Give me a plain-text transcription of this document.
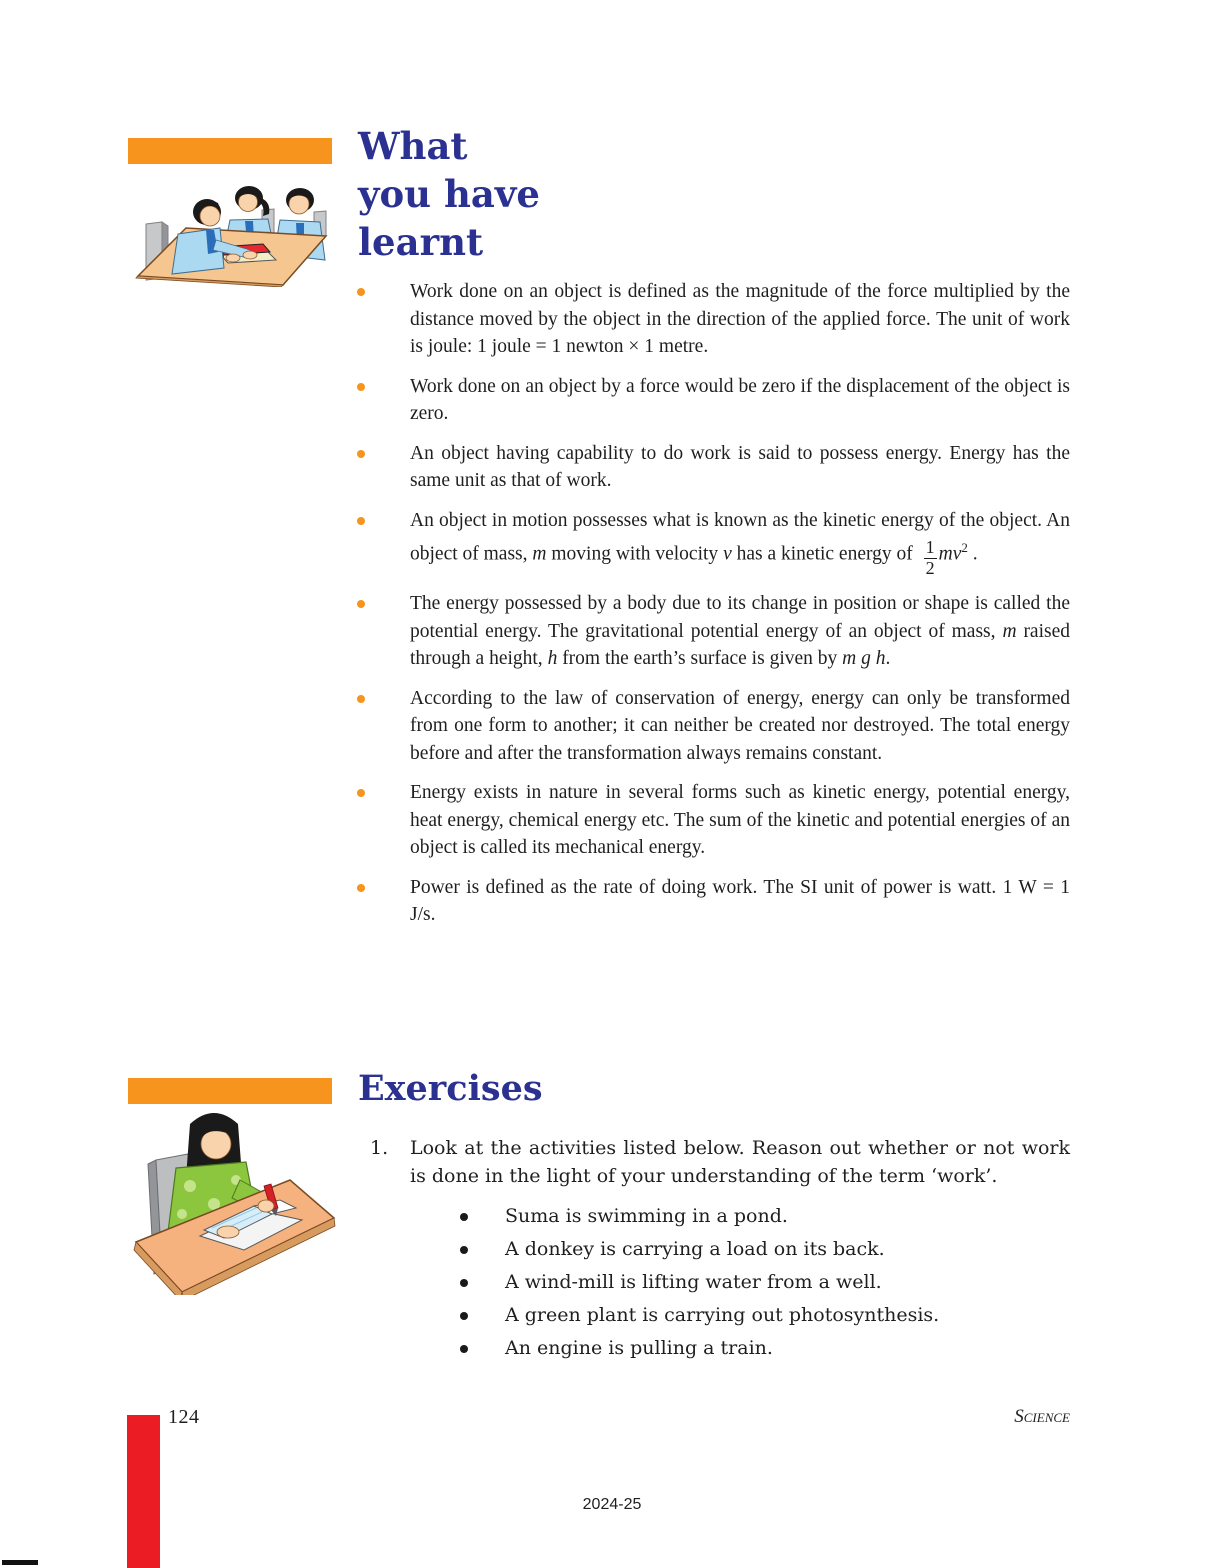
What
you have
learnt
Work done on an object is defined as the magnitude of the force multiplied by the distance moved by the object in the direction of the applied force. The unit of work is joule: 1 joule = 1 newton × 1 metre.
Work done on an object by a force would be zero if the displacement of the object is zero.
An object having capability to do work is said to possess energy. Energy has the same unit as that of work.
An object in motion possesses what is known as the kinetic energy of the object. An object of mass, m moving with velocity v has a kinetic energy of $\frac{1}{2} mv^2$ .
The energy possessed by a body due to its change in position or shape is called the potential energy. The gravitational potential energy of an object of mass, m raised through a height, h from the earth’s surface is given by m g h.
According to the law of conservation of energy, energy can only be transformed from one form to another; it can neither be created nor destroyed. The total energy before and after the transformation always remains constant.
Energy exists in nature in several forms such as kinetic energy, potential energy, heat energy, chemical energy etc. The sum of the kinetic and potential energies of an object is called its mechanical energy.
Power is defined as the rate of doing work. The SI unit of power is watt. 1 W = 1 J/s.
Exercises
1.	Look at the activities listed below. Reason out whether or not work is done in the light of your understanding of the term ‘work’.
Suma is swimming in a pond.
A donkey is carrying a load on its back.
A wind-mill is lifting water from a well.
A green plant is carrying out photosynthesis.
An engine is pulling a train.
124	Science
2024-25
